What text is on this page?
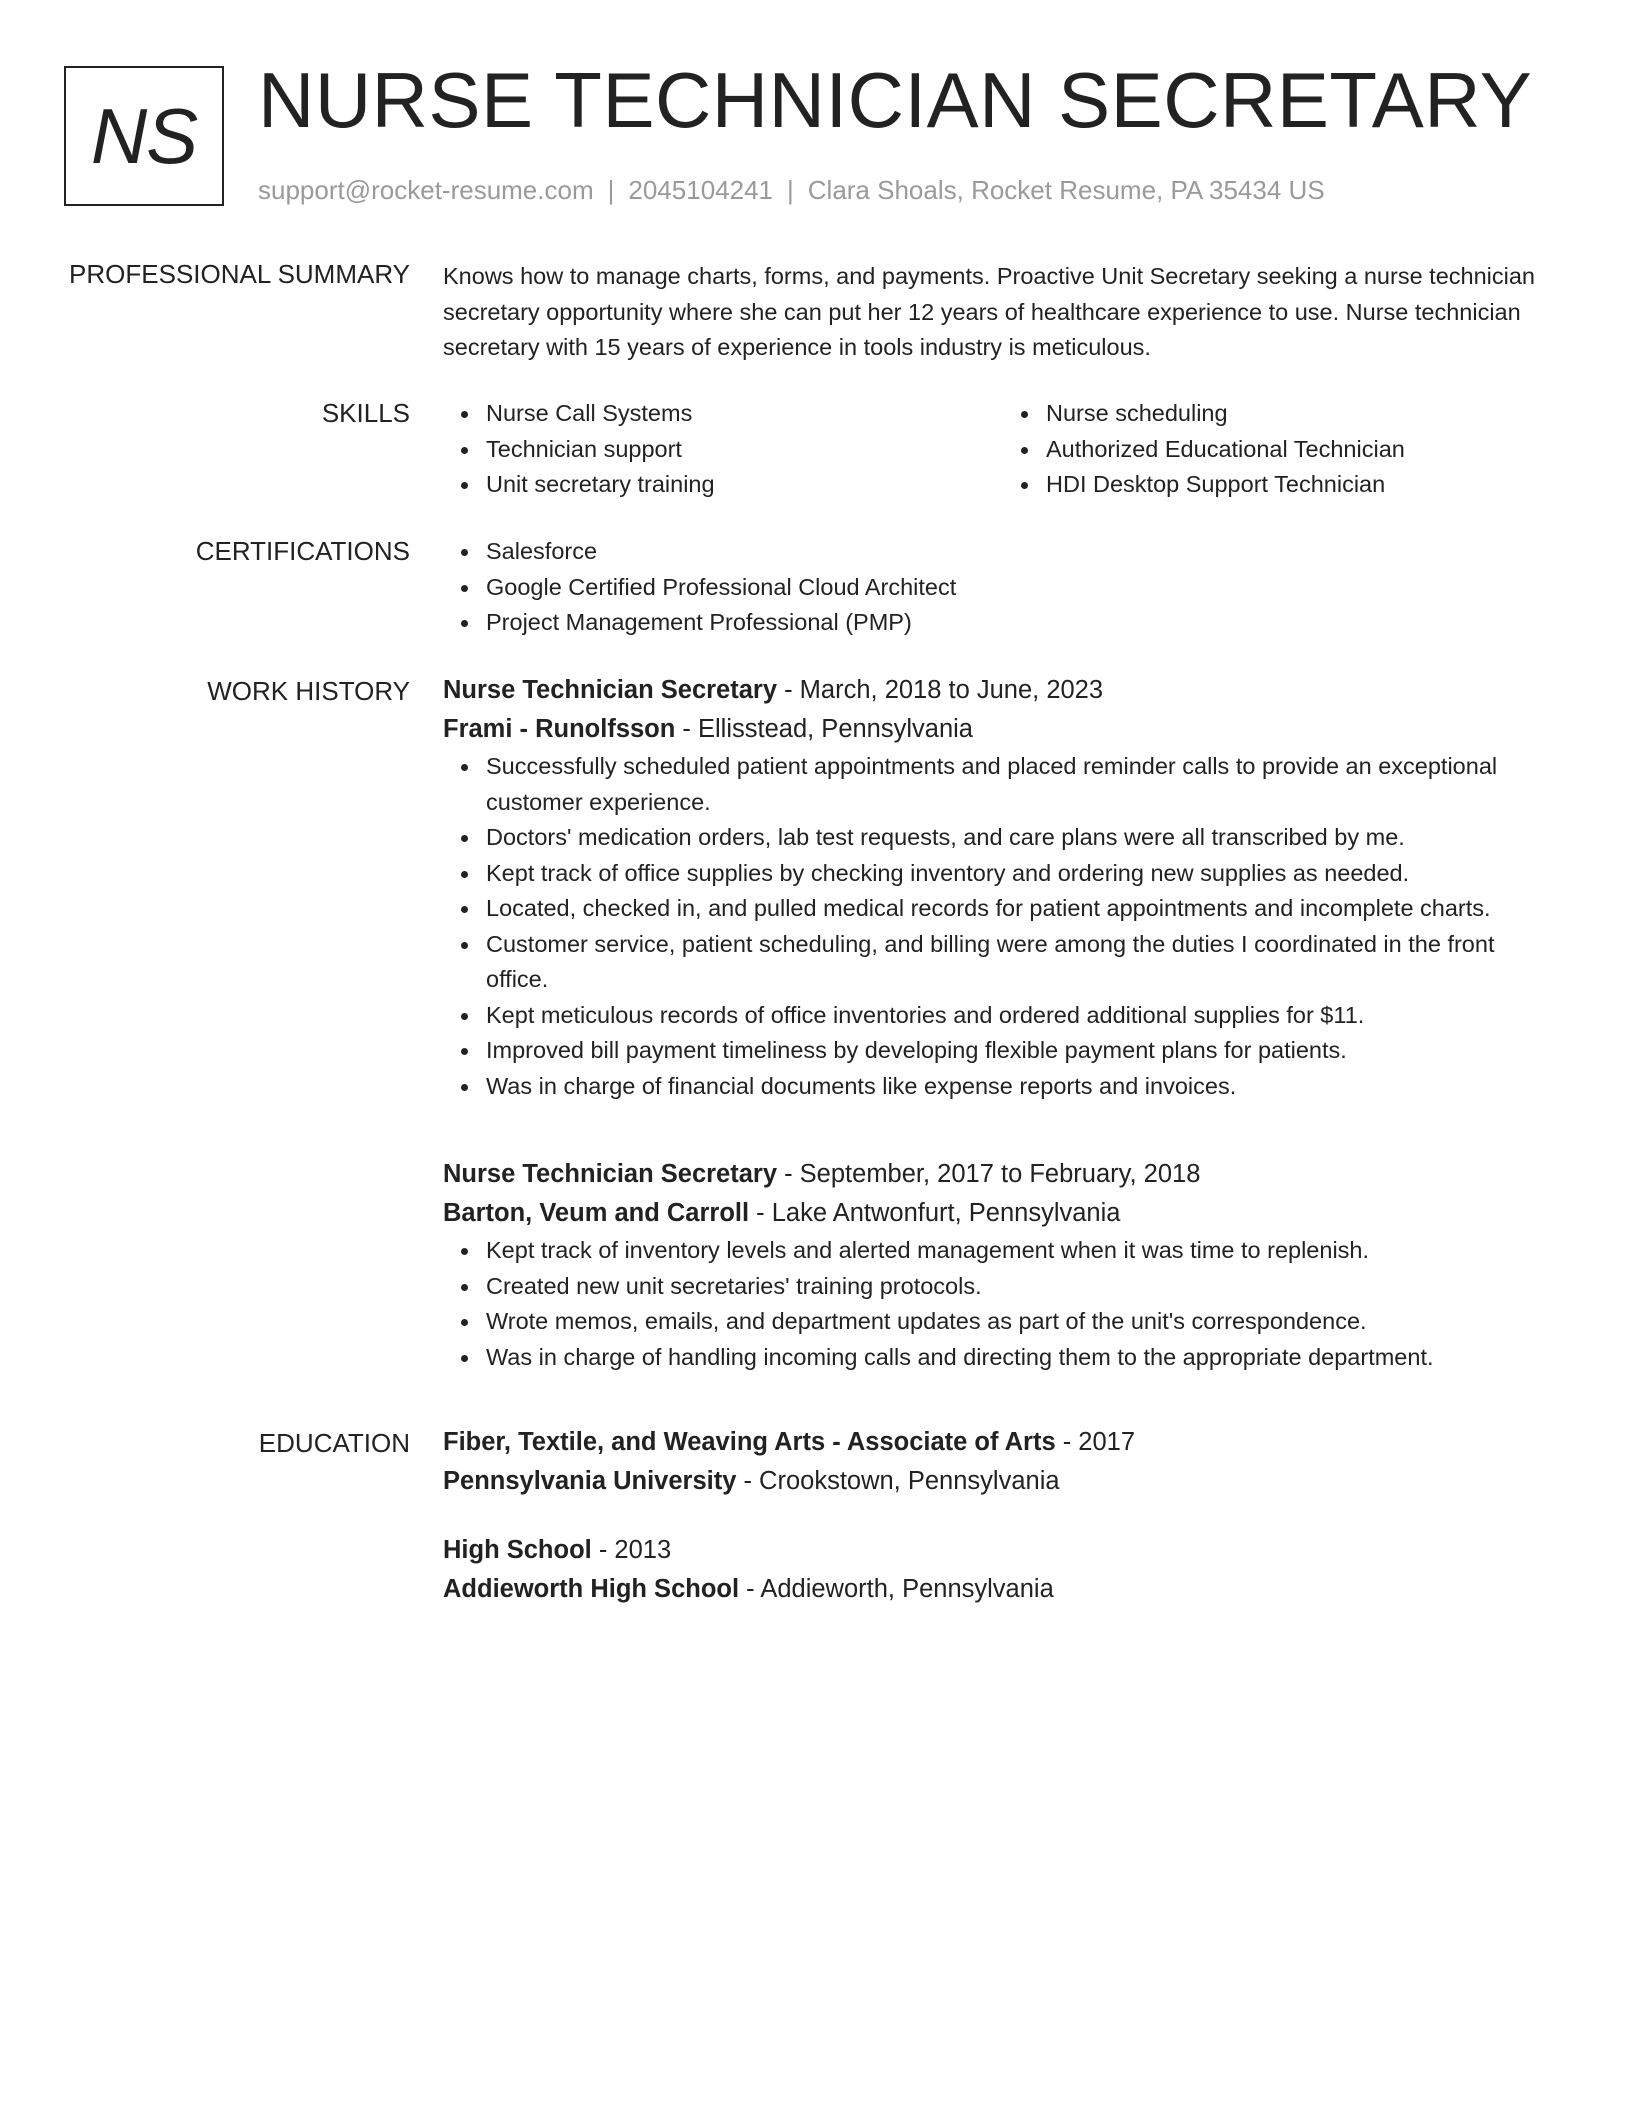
NS NURSE TECHNICIAN SECRETARY
support@rocket-resume.com | 2045104241 | Clara Shoals, Rocket Resume, PA 35434 US
PROFESSIONAL SUMMARY Knows how to manage charts, forms, and payments. Proactive Unit Secretary seeking a nurse technician secretary opportunity where she can put her 12 years of healthcare experience to use. Nurse technician secretary with 15 years of experience in tools industry is meticulous.

SKILLS	Nurse Call Systems
Technician support
Unit secretary training
Nurse scheduling
Authorized Educational Technician
HDI Desktop Support Technician
CERTIFICATIONS	Salesforce
Google Certified Professional Cloud Architect
Project Management Professional (PMP)
WORK HISTORY Nurse Technician Secretary - March, 2018 to June, 2023
Frami - Runolfsson - Ellisstead, Pennsylvania
Successfully scheduled patient appointments and placed reminder calls to provide an exceptional customer experience.
Doctors' medication orders, lab test requests, and care plans were all transcribed by me.
Kept track of office supplies by checking inventory and ordering new supplies as needed.
Located, checked in, and pulled medical records for patient appointments and incomplete charts.
Customer service, patient scheduling, and billing were among the duties I coordinated in the front office.
Kept meticulous records of office inventories and ordered additional supplies for $11.
Improved bill payment timeliness by developing flexible payment plans for patients.
Was in charge of financial documents like expense reports and invoices.
Nurse Technician Secretary - September, 2017 to February, 2018
Barton, Veum and Carroll - Lake Antwonfurt, Pennsylvania
Kept track of inventory levels and alerted management when it was time to replenish.
Created new unit secretaries' training protocols.
Wrote memos, emails, and department updates as part of the unit's correspondence.
Was in charge of handling incoming calls and directing them to the appropriate department.
EDUCATION Fiber, Textile, and Weaving Arts - Associate of Arts - 2017
Pennsylvania University - Crookstown, Pennsylvania
High School - 2013
Addieworth High School - Addieworth, Pennsylvania
